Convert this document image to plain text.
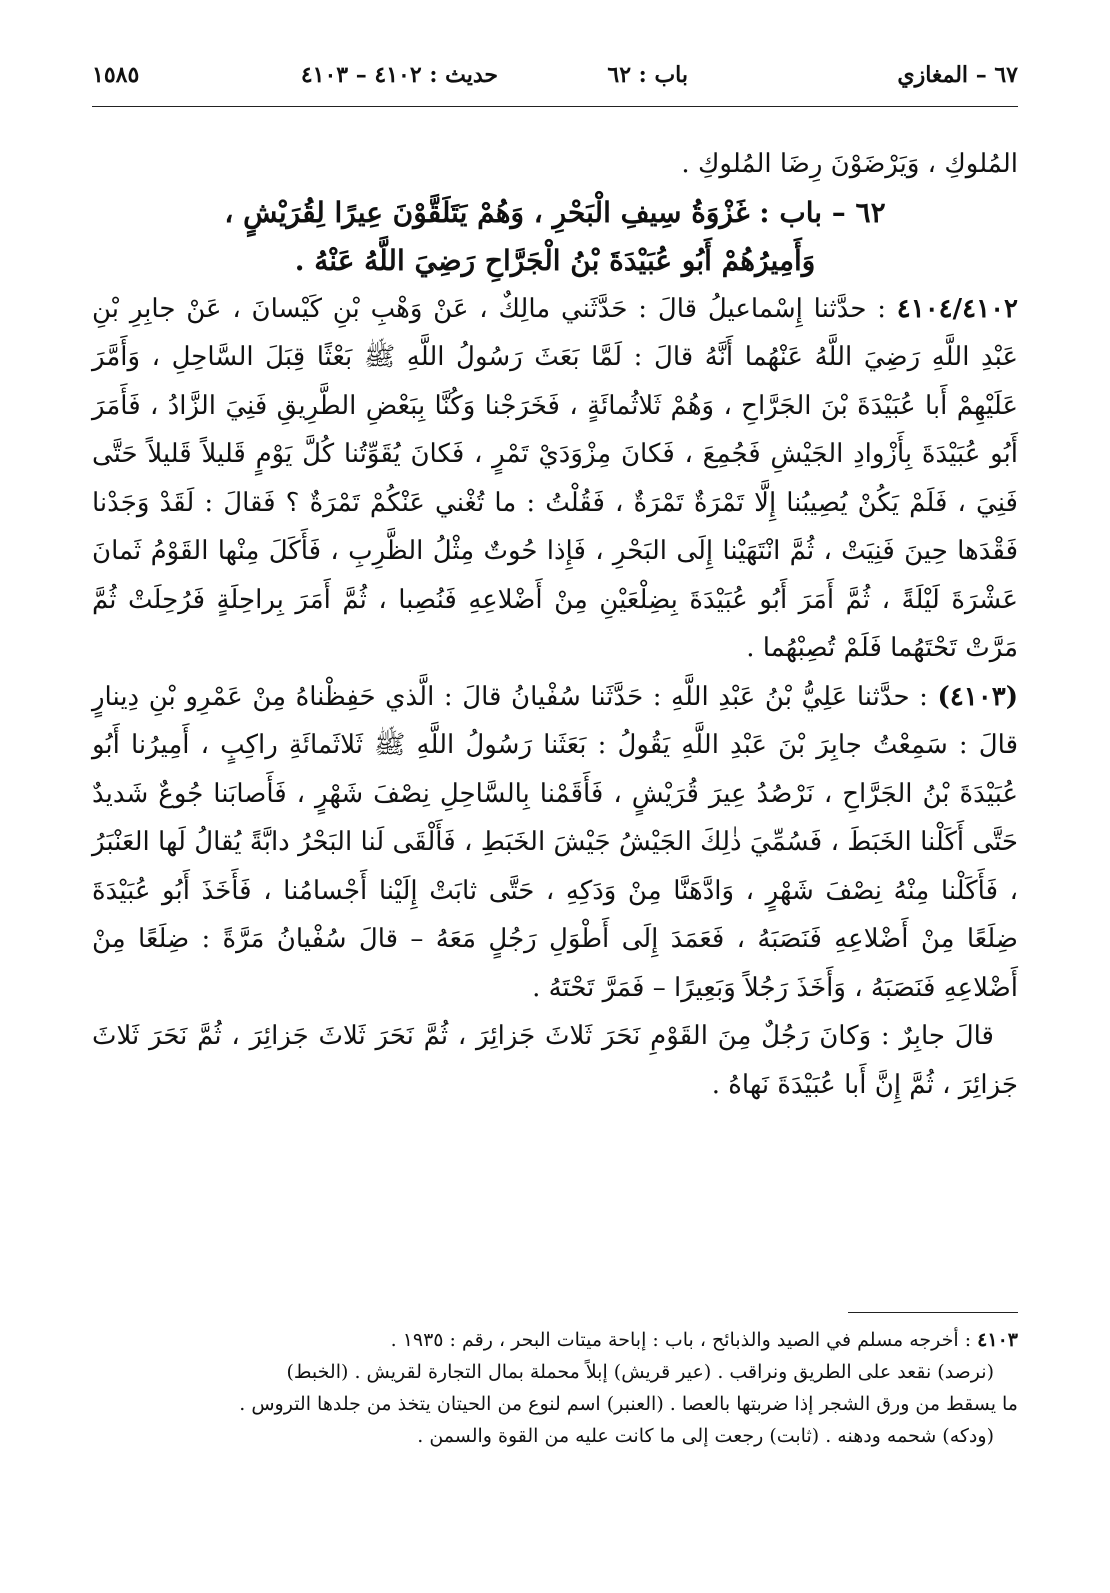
٦٧ – المغازي
باب : ٦٢
حديث : ٤١٠٢ – ٤١٠٣
١٥٨٥

المُلوكِ ، وَيَرْضَوْنَ رِضَا المُلوكِ .

٦٢ – باب : غَزْوَةُ سِيفِ الْبَحْرِ ، وَهُمْ يَتَلَقَّوْنَ عِيرًا لِقُرَيْشٍ ،

وَأَمِيرُهُمْ أَبُو عُبَيْدَةَ بْنُ الْجَرَّاحِ رَضِيَ اللَّهُ عَنْهُ .

٤١٠٤/٤١٠٢ : حدَّثنا إِسْماعيلُ قالَ : حَدَّثَني مالِكٌ ، عَنْ وَهْبِ بْنِ كَيْسانَ ، عَنْ جابِرِ بْنِ عَبْدِ اللَّهِ رَضِيَ اللَّهُ عَنْهُما أَنَّهُ قالَ : لَمَّا بَعَثَ رَسُولُ اللَّهِ ﷺ بَعْثًا قِبَلَ السَّاحِلِ ، وَأَمَّرَ عَلَيْهِمْ أَبا عُبَيْدَةَ بْنَ الجَرَّاحِ ، وَهُمْ ثَلاثُمائَةٍ ، فَخَرَجْنا وَكُنَّا بِبَعْضِ الطَّرِيقِ فَنِيَ الزَّادُ ، فَأَمَرَ أَبُو عُبَيْدَةَ بِأَزْوادِ الجَيْشِ فَجُمِعَ ، فَكانَ مِزْوَدَيْ تَمْرٍ ، فَكانَ يُقَوِّتُنا كُلَّ يَوْمٍ قَليلاً قَليلاً حَتَّى فَنِيَ ، فَلَمْ يَكُنْ يُصِيبُنا إِلَّا تَمْرَةٌ تَمْرَةٌ ، فَقُلْتُ : ما تُغْني عَنْكُمْ تَمْرَةٌ ؟ فَقالَ : لَقَدْ وَجَدْنا فَقْدَها حِينَ فَنِيَتْ ، ثُمَّ انْتَهَيْنا إِلَى البَحْرِ ، فَإِذا حُوتٌ مِثْلُ الظَّرِبِ ، فَأَكَلَ مِنْها القَوْمُ ثَمانَ عَشْرَةَ لَيْلَةً ، ثُمَّ أَمَرَ أَبُو عُبَيْدَةَ بِضِلْعَيْنِ مِنْ أَضْلاعِهِ فَنُصِبا ، ثُمَّ أَمَرَ بِراحِلَةٍ فَرُحِلَتْ ثُمَّ مَرَّتْ تَحْتَهُما فَلَمْ تُصِبْهُما .

(٤١٠٣) : حدَّثنا عَلِيُّ بْنُ عَبْدِ اللَّهِ : حَدَّثَنا سُفْيانُ قالَ : الَّذي حَفِظْناهُ مِنْ عَمْرِو بْنِ دِينارٍ قالَ : سَمِعْتُ جابِرَ بْنَ عَبْدِ اللَّهِ يَقُولُ : بَعَثَنا رَسُولُ اللَّهِ ﷺ ثَلاثَمائَةِ راكِبٍ ، أَمِيرُنا أَبُو عُبَيْدَةَ بْنُ الجَرَّاحِ ، نَرْصُدُ عِيرَ قُرَيْشٍ ، فَأَقَمْنا بِالسَّاحِلِ نِصْفَ شَهْرٍ ، فَأَصابَنا جُوعٌ شَديدٌ حَتَّى أَكَلْنا الخَبَطَ ، فَسُمِّيَ ذٰلِكَ الجَيْشُ جَيْشَ الخَبَطِ ، فَأَلْقَى لَنا البَحْرُ دابَّةً يُقالُ لَها العَنْبَرُ ، فَأَكَلْنا مِنْهُ نِصْفَ شَهْرٍ ، وَادَّهَنَّا مِنْ وَدَكِهِ ، حَتَّى ثابَتْ إِلَيْنا أَجْسامُنا ، فَأَخَذَ أَبُو عُبَيْدَةَ ضِلَعًا مِنْ أَضْلاعِهِ فَنَصَبَهُ ، فَعَمَدَ إِلَى أَطْوَلِ رَجُلٍ مَعَهُ – قالَ سُفْيانُ مَرَّةً : ضِلَعًا مِنْ أَضْلاعِهِ فَنَصَبَهُ ، وَأَخَذَ رَجُلاً وَبَعِيرًا – فَمَرَّ تَحْتَهُ .

قالَ جابِرٌ : وَكانَ رَجُلٌ مِنَ القَوْمِ نَحَرَ ثَلاثَ جَزائِرَ ، ثُمَّ نَحَرَ ثَلاثَ جَزائِرَ ، ثُمَّ نَحَرَ ثَلاثَ جَزائِرَ ، ثُمَّ إِنَّ أَبا عُبَيْدَةَ نَهاهُ .

٤١٠٣ : أخرجه مسلم في الصيد والذبائح ، باب : إباحة ميتات البحر ، رقم : ١٩٣٥ .

(نرصد) نقعد على الطريق ونراقب . (عير قريش) إبلاً محملة بمال التجارة لقريش . (الخبط)

ما يسقط من ورق الشجر إذا ضربتها بالعصا . (العنبر) اسم لنوع من الحيتان يتخذ من جلدها التروس .

(ودكه) شحمه ودهنه . (ثابت) رجعت إلى ما كانت عليه من القوة والسمن .
